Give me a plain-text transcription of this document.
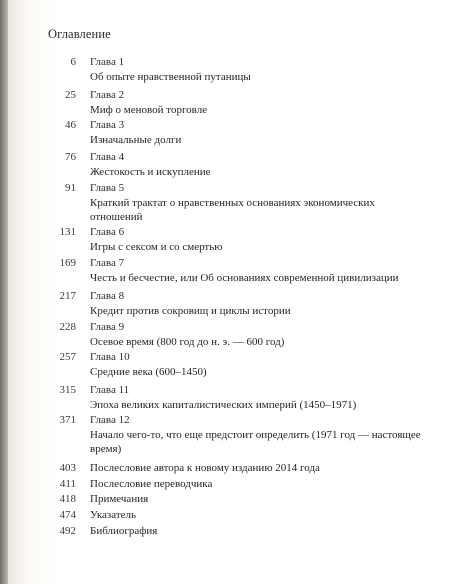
Оглавление
6 Глава 1
Об опыте нравственной путаницы
25 Глава 2
Миф о меновой торговле
46 Глава 3
Изначальные долги
76 Глава 4
Жестокость и искупление
91 Глава 5
Краткий трактат о нравственных основаниях экономических отношений
131 Глава 6
Игры с сексом и со смертью
169 Глава 7
Честь и бесчестие, или Об основаниях современной цивилизации
217 Глава 8
Кредит против сокровищ и циклы истории
228 Глава 9
Осевое время (800 год до н. э. — 600 год)
257 Глава 10
Средние века (600–1450)
315 Глава 11
Эпоха великих капиталистических империй (1450–1971)
371 Глава 12
Начало чего-то, что еще предстоит определить (1971 год — настоящее время)
403 Послесловие автора к новому изданию 2014 года
411 Послесловие переводчика
418 Примечания
474 Указатель
492 Библиография
